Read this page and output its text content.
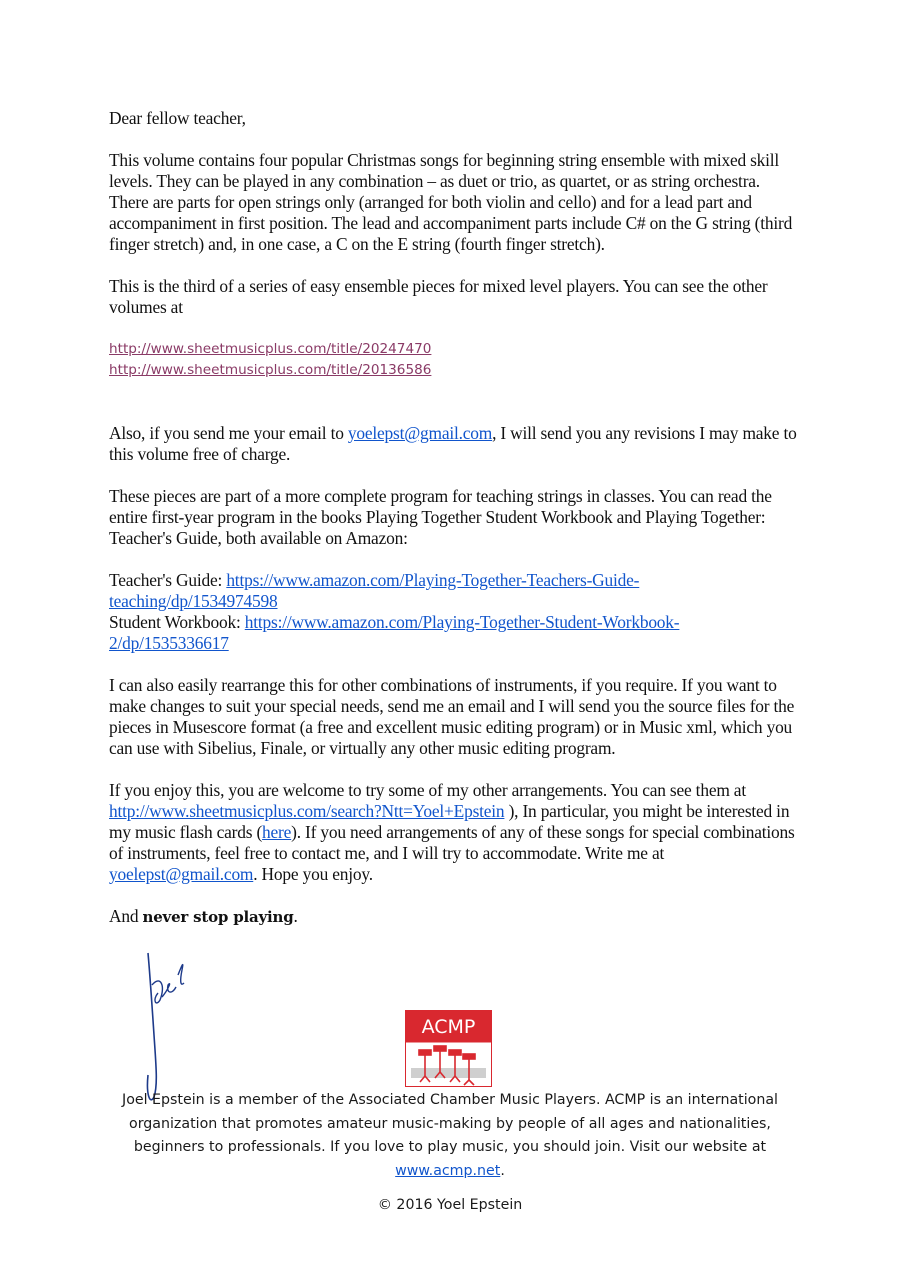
Dear fellow teacher,

This volume contains four popular Christmas songs for beginning string ensemble with mixed skill levels. They can be played in any combination – as duet or trio, as quartet, or as string orchestra. There are parts for open strings only (arranged for both violin and cello) and for a lead part and accompaniment in first position. The lead and accompaniment parts include C# on the G string (third finger stretch) and, in one case, a C on the E string (fourth finger stretch).

This is the third of a series of easy ensemble pieces for mixed level players. You can see the other volumes at

http://www.sheetmusicplus.com/title/20247470
http://www.sheetmusicplus.com/title/20136586

Also, if you send me your email to yoelepst@gmail.com, I will send you any revisions I may make to this volume free of charge.

These pieces are part of a more complete program for teaching strings in classes. You can read the entire first-year program in the books Playing Together Student Workbook and Playing Together: Teacher's Guide, both available on Amazon:

Teacher's Guide: https://www.amazon.com/Playing-Together-Teachers-Guide-
teaching/dp/1534974598

Student Workbook: https://www.amazon.com/Playing-Together-Student-Workbook-
2/dp/1535336617

I can also easily rearrange this for other combinations of instruments, if you require. If you want to make changes to suit your special needs, send me an email and I will send you the source files for the pieces in Musescore format (a free and excellent music editing program) or in Music xml, which you can use with Sibelius, Finale, or virtually any other music editing program.

If you enjoy this, you are welcome to try some of my other arrangements. You can see them at http://www.sheetmusicplus.com/search?Ntt=Yoel+Epstein ), In particular, you might be interested in my music flash cards (here). If you need arrangements of any of these songs for special combinations of instruments, feel free to contact me, and I will try to accommodate. Write me at yoelepst@gmail.com. Hope you enjoy.

And never stop playing.

ACMP
Joel Epstein is a member of the Associated Chamber Music Players. ACMP is an international organization that promotes amateur music-making by people of all ages and nationalities, beginners to professionals. If you love to play music, you should join. Visit our website at www.acmp.net.
© 2016 Yoel Epstein
